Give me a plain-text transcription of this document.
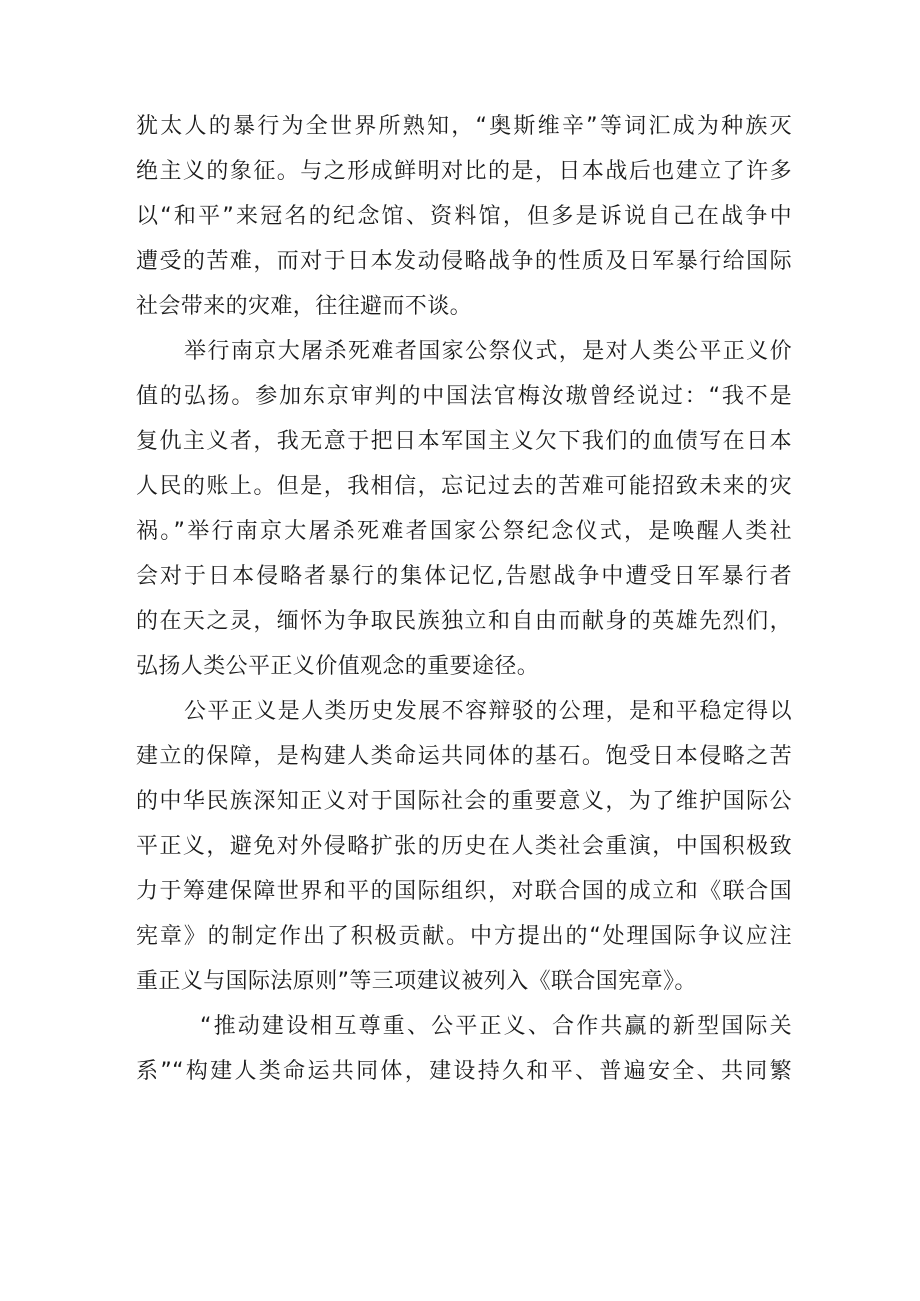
犹太人的暴行为全世界所熟知，“奥斯维辛”等词汇成为种族灭
绝主义的象征。与之形成鲜明对比的是，日本战后也建立了许多
以“和平”来冠名的纪念馆、资料馆，但多是诉说自己在战争中
遭受的苦难，而对于日本发动侵略战争的性质及日军暴行给国际
社会带来的灾难，往往避而不谈。
举行南京大屠杀死难者国家公祭仪式，是对人类公平正义价
值的弘扬。参加东京审判的中国法官梅汝璈曾经说过：“我不是
复仇主义者，我无意于把日本军国主义欠下我们的血债写在日本
人民的账上。但是，我相信，忘记过去的苦难可能招致未来的灾
祸。”举行南京大屠杀死难者国家公祭纪念仪式，是唤醒人类社
会对于日本侵略者暴行的集体记忆,告慰战争中遭受日军暴行者
的在天之灵，缅怀为争取民族独立和自由而献身的英雄先烈们，
弘扬人类公平正义价值观念的重要途径。
公平正义是人类历史发展不容辩驳的公理，是和平稳定得以
建立的保障，是构建人类命运共同体的基石。饱受日本侵略之苦
的中华民族深知正义对于国际社会的重要意义，为了维护国际公
平正义，避免对外侵略扩张的历史在人类社会重演，中国积极致
力于筹建保障世界和平的国际组织，对联合国的成立和《联合国
宪章》的制定作出了积极贡献。中方提出的“处理国际争议应注
重正义与国际法原则”等三项建议被列入《联合国宪章》。
“推动建设相互尊重、公平正义、合作共赢的新型国际关
系”“构建人类命运共同体，建设持久和平、普遍安全、共同繁
